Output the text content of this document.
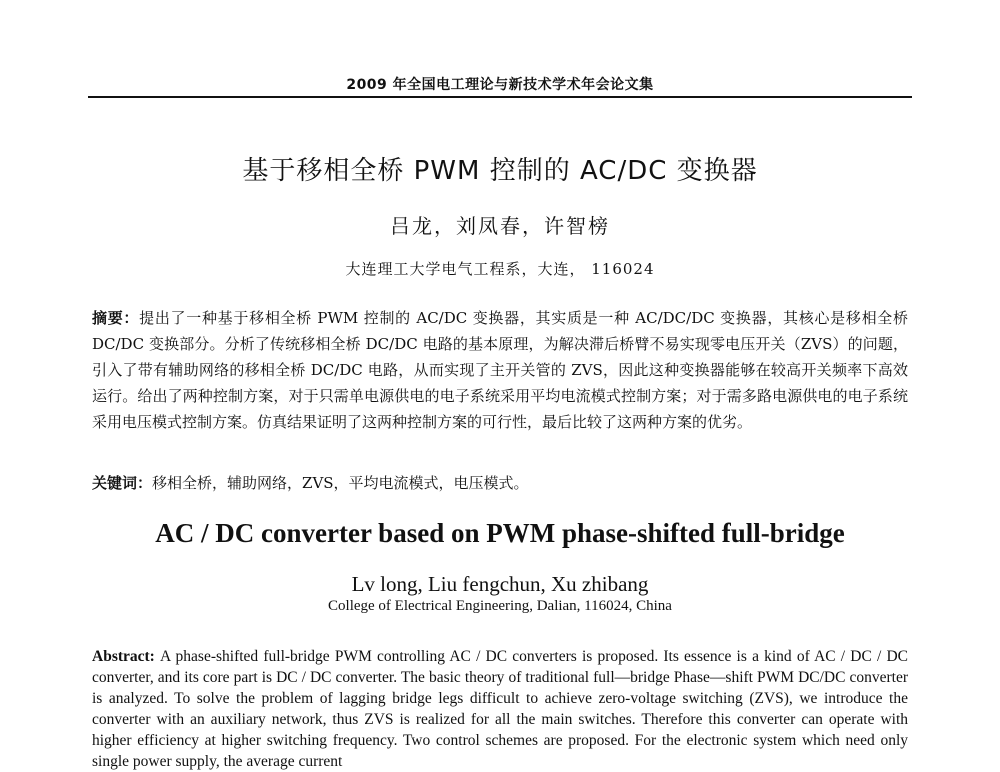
2009 年全国电工理论与新技术学术年会论文集
基于移相全桥 PWM 控制的 AC/DC 变换器
吕龙，刘凤春，许智榜
大连理工大学电气工程系，大连， 116024
摘要：提出了一种基于移相全桥 PWM 控制的 AC/DC 变换器，其实质是一种 AC/DC/DC 变换器，其核心是移相全桥 DC/DC 变换部分。分析了传统移相全桥 DC/DC 电路的基本原理，为解决滞后桥臂不易实现零电压开关（ZVS）的问题，引入了带有辅助网络的移相全桥 DC/DC 电路，从而实现了主开关管的 ZVS，因此这种变换器能够在较高开关频率下高效运行。给出了两种控制方案，对于只需单电源供电的电子系统采用平均电流模式控制方案；对于需多路电源供电的电子系统采用电压模式控制方案。仿真结果证明了这两种控制方案的可行性，最后比较了这两种方案的优劣。
关键词：移相全桥，辅助网络，ZVS，平均电流模式，电压模式。
AC / DC converter based on PWM phase-shifted full-bridge
Lv long, Liu fengchun, Xu zhibang
College of Electrical Engineering, Dalian, 116024, China
Abstract: A phase-shifted full-bridge PWM controlling AC / DC converters is proposed. Its essence is a kind of AC / DC / DC converter, and its core part is DC / DC converter. The basic theory of traditional full—bridge Phase—shift PWM DC/DC converter is analyzed. To solve the problem of lagging bridge legs difficult to achieve zero-voltage switching (ZVS), we introduce the converter with an auxiliary network, thus ZVS is realized for all the main switches. Therefore this converter can operate with higher efficiency at higher switching frequency. Two control schemes are proposed. For the electronic system which need only single power supply, the average current
